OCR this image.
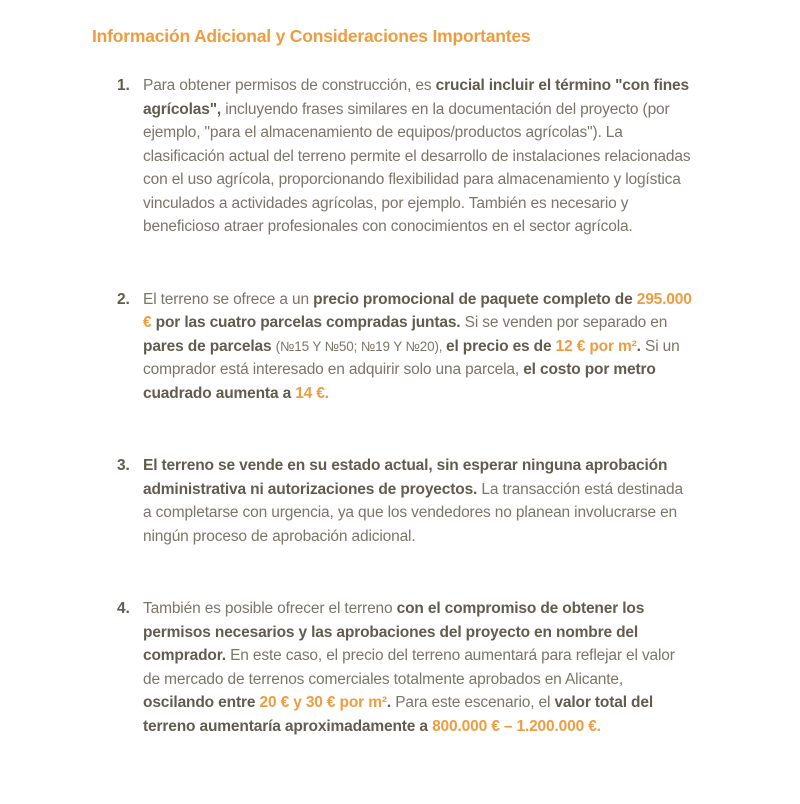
Información Adicional y Consideraciones Importantes
1. Para obtener permisos de construcción, es crucial incluir el término "con fines agrícolas", incluyendo frases similares en la documentación del proyecto (por ejemplo, "para el almacenamiento de equipos/productos agrícolas"). La clasificación actual del terreno permite el desarrollo de instalaciones relacionadas con el uso agrícola, proporcionando flexibilidad para almacenamiento y logística vinculados a actividades agrícolas, por ejemplo. También es necesario y beneficioso atraer profesionales con conocimientos en el sector agrícola.
2. El terreno se ofrece a un precio promocional de paquete completo de 295.000 € por las cuatro parcelas compradas juntas. Si se venden por separado en pares de parcelas (№15 Y №50; №19 Y №20), el precio es de 12 € por m². Si un comprador está interesado en adquirir solo una parcela, el costo por metro cuadrado aumenta a 14 €.
3. El terreno se vende en su estado actual, sin esperar ninguna aprobación administrativa ni autorizaciones de proyectos. La transacción está destinada a completarse con urgencia, ya que los vendedores no planean involucrarse en ningún proceso de aprobación adicional.
4. También es posible ofrecer el terreno con el compromiso de obtener los permisos necesarios y las aprobaciones del proyecto en nombre del comprador. En este caso, el precio del terreno aumentará para reflejar el valor de mercado de terrenos comerciales totalmente aprobados en Alicante, oscilando entre 20 € y 30 € por m². Para este escenario, el valor total del terreno aumentaría aproximadamente a 800.000 € – 1.200.000 €.
